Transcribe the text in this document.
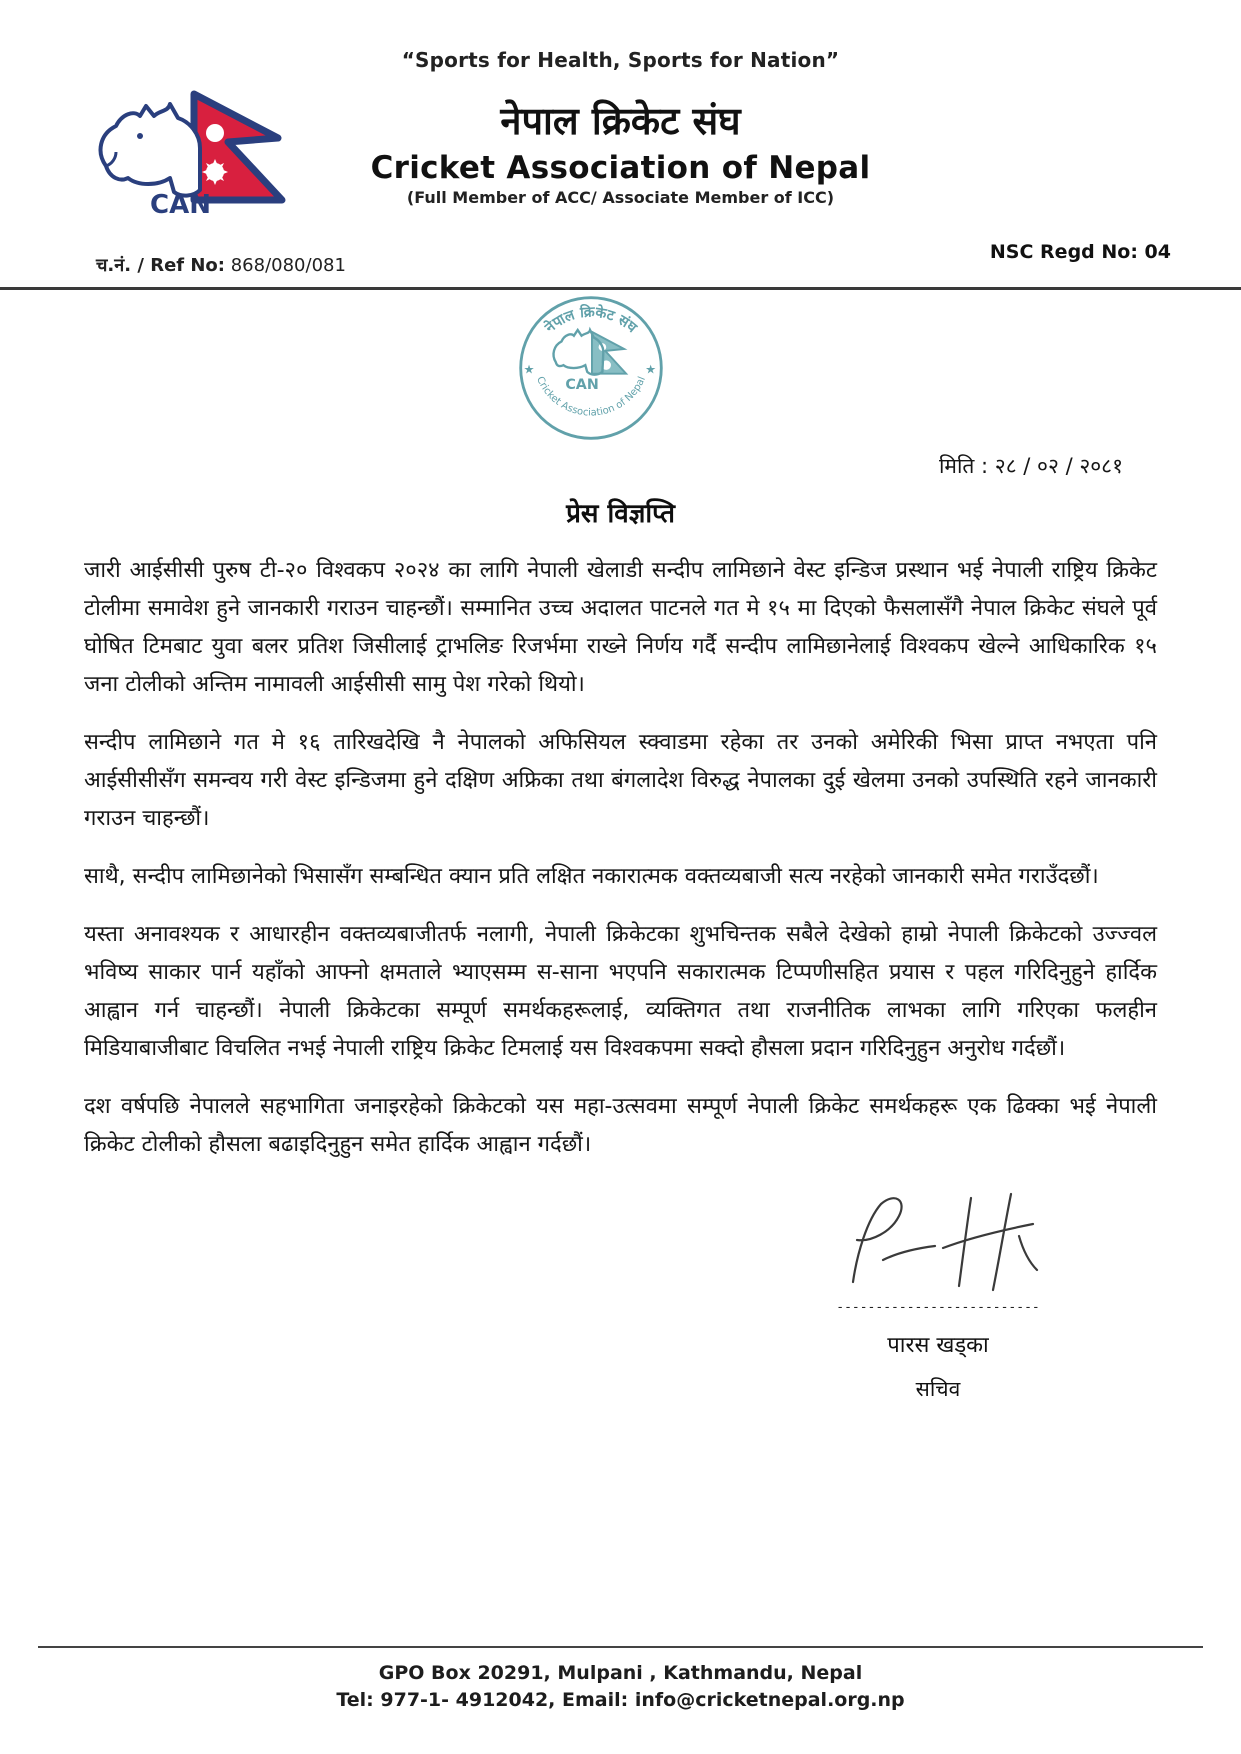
“Sports for Health, Sports for Nation”
CAN
नेपाल क्रिकेट संघ
Cricket Association of Nepal
(Full Member of ACC/ Associate Member of ICC)
च.नं. / Ref No: 868/080/081
NSC Regd No: 04
नेपाल क्रिकेट संघ
Cricket Association of Nepal
★	★
CAN
मिति : २८ / ०२ / २०८१
प्रेस विज्ञप्ति

जारी आईसीसी पुरुष टी-२० विश्वकप २०२४ का लागि नेपाली खेलाडी सन्दीप लामिछाने वेस्ट इन्डिज प्रस्थान भई नेपाली राष्ट्रिय क्रिकेट टोलीमा समावेश हुने जानकारी गराउन चाहन्छौं। सम्मानित उच्च अदालत पाटनले गत मे १५ मा दिएको फैसलासँगै नेपाल क्रिकेट संघले पूर्व घोषित टिमबाट युवा बलर प्रतिश जिसीलाई ट्राभलिङ रिजर्भमा राख्ने निर्णय गर्दै सन्दीप लामिछानेलाई विश्वकप खेल्ने आधिकारिक १५ जना टोलीको अन्तिम नामावली आईसीसी सामु पेश गरेको थियो।

सन्दीप लामिछाने गत मे १६ तारिखदेखि नै नेपालको अफिसियल स्क्वाडमा रहेका तर उनको अमेरिकी भिसा प्राप्त नभएता पनि आईसीसीसँग समन्वय गरी वेस्ट इन्डिजमा हुने दक्षिण अफ्रिका तथा बंगलादेश विरुद्ध नेपालका दुई खेलमा उनको उपस्थिति रहने जानकारी गराउन चाहन्छौं।

साथै, सन्दीप लामिछानेको भिसासँग सम्बन्धित क्यान प्रति लक्षित नकारात्मक वक्तव्यबाजी सत्य नरहेको जानकारी समेत गराउँदछौं।

यस्ता अनावश्यक र आधारहीन वक्तव्यबाजीतर्फ नलागी, नेपाली क्रिकेटका शुभचिन्तक सबैले देखेको हाम्रो नेपाली क्रिकेटको उज्ज्वल भविष्य साकार पार्न यहाँको आफ्नो क्षमताले भ्याएसम्म स-साना भएपनि सकारात्मक टिप्पणीसहित प्रयास र पहल गरिदिनुहुने हार्दिक आह्वान गर्न चाहन्छौं। नेपाली क्रिकेटका सम्पूर्ण समर्थकहरूलाई, व्यक्तिगत तथा राजनीतिक लाभका लागि गरिएका फलहीन मिडियाबाजीबाट विचलित नभई नेपाली राष्ट्रिय क्रिकेट टिमलाई यस विश्वकपमा सक्दो हौसला प्रदान गरिदिनुहुन अनुरोध गर्दछौं।

दश वर्षपछि नेपालले सहभागिता जनाइरहेको क्रिकेटको यस महा-उत्सवमा सम्पूर्ण नेपाली क्रिकेट समर्थकहरू एक ढिक्का भई नेपाली क्रिकेट टोलीको हौसला बढाइदिनुहुन समेत हार्दिक आह्वान गर्दछौं।

--------------------------
पारस खड्का
सचिव
GPO Box 20291, Mulpani , Kathmandu, Nepal
Tel: 977-1- 4912042, Email: info@cricketnepal.org.np
